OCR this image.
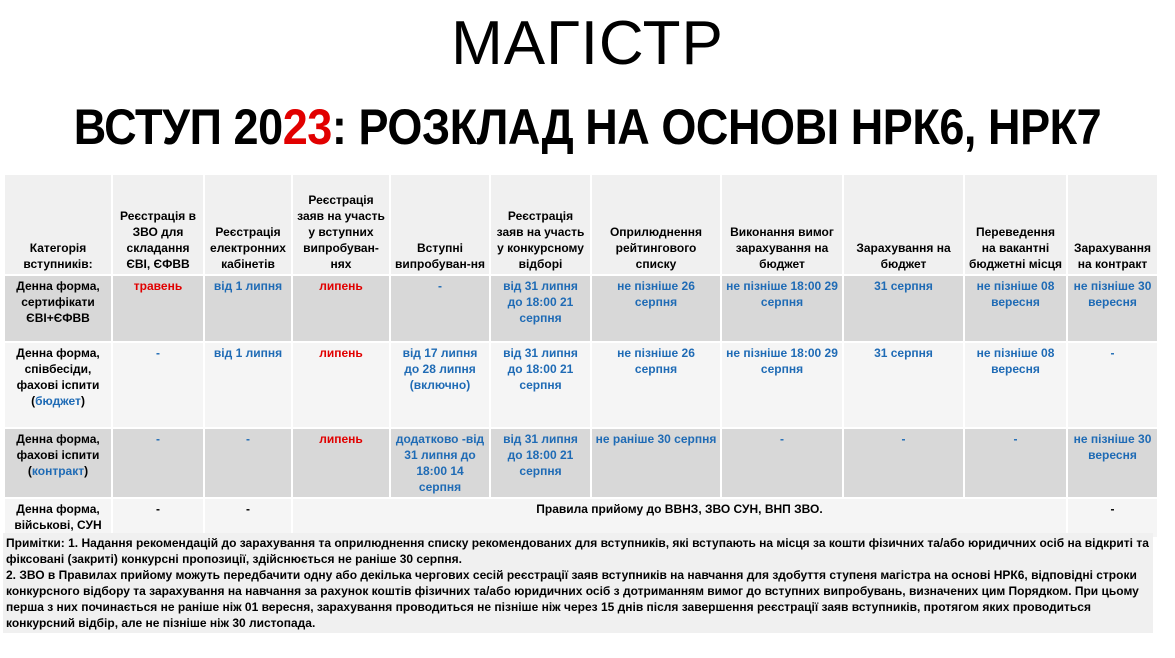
МАГІСТР
ВСТУП 2023: РОЗКЛАД НА ОСНОВІ НРК6, НРК7
Категорія вступників:	Реєстрація в ЗВО для складання ЄВІ, ЄФВВ	Реєстрація електронних кабінетів	Реєстрація заяв на участь у вступних випробуван-нях	Вступні випробуван-ня	Реєстрація заяв на участь у конкурсному відборі	Оприлюднення рейтингового списку	Виконання вимог зарахування на бюджет	Зарахування на бюджет	Переведення на вакантні бюджетні місця	Зарахування на контракт
Денна форма, сертифікати ЄВІ+ЄФВВ	травень	від 1 липня	липень	-	від 31 липня до 18:00 21 серпня	не пізніше 26 серпня	не пізніше 18:00 29 серпня	31 серпня	не пізніше 08 вересня	не пізніше 30 вересня
Денна форма, співбесіди, фахові іспити (бюджет)	-	від 1 липня	липень	від 17 липня до 28 липня (включно)	від 31 липня до 18:00 21 серпня	не пізніше 26 серпня	не пізніше 18:00 29 серпня	31 серпня	не пізніше 08 вересня	-
Денна форма, фахові іспити (контракт)	-	-	липень	додатково -від 31 липня до 18:00 14 серпня	від 31 липня до 18:00 21 серпня	не раніше 30 серпня	-	-	-	не пізніше 30 вересня
Денна форма, військові, СУН	-	-	Правила прийому до ВВНЗ, ЗВО СУН, ВНП ЗВО.							-

Примітки: 1. Надання рекомендацій до зарахування та оприлюднення списку рекомендованих для вступників, які вступають на місця за кошти фізичних та/або юридичних осіб на відкриті та фіксовані (закриті) конкурсні пропозиції, здійснюється не раніше 30 серпня.

2. ЗВО в Правилах прийому можуть передбачити одну або декілька чергових сесій реєстрації заяв вступників на навчання для здобуття ступеня магістра на основі НРК6, відповідні строки конкурсного відбору та зарахування на навчання за рахунок коштів фізичних та/або юридичних осіб з дотриманням вимог до вступних випробувань, визначених цим Порядком. При цьому перша з них починається не раніше ніж 01 вересня, зарахування проводиться не пізніше ніж через 15 днів після завершення реєстрації заяв вступників, протягом яких проводиться конкурсний відбір, але не пізніше ніж 30 листопада.
